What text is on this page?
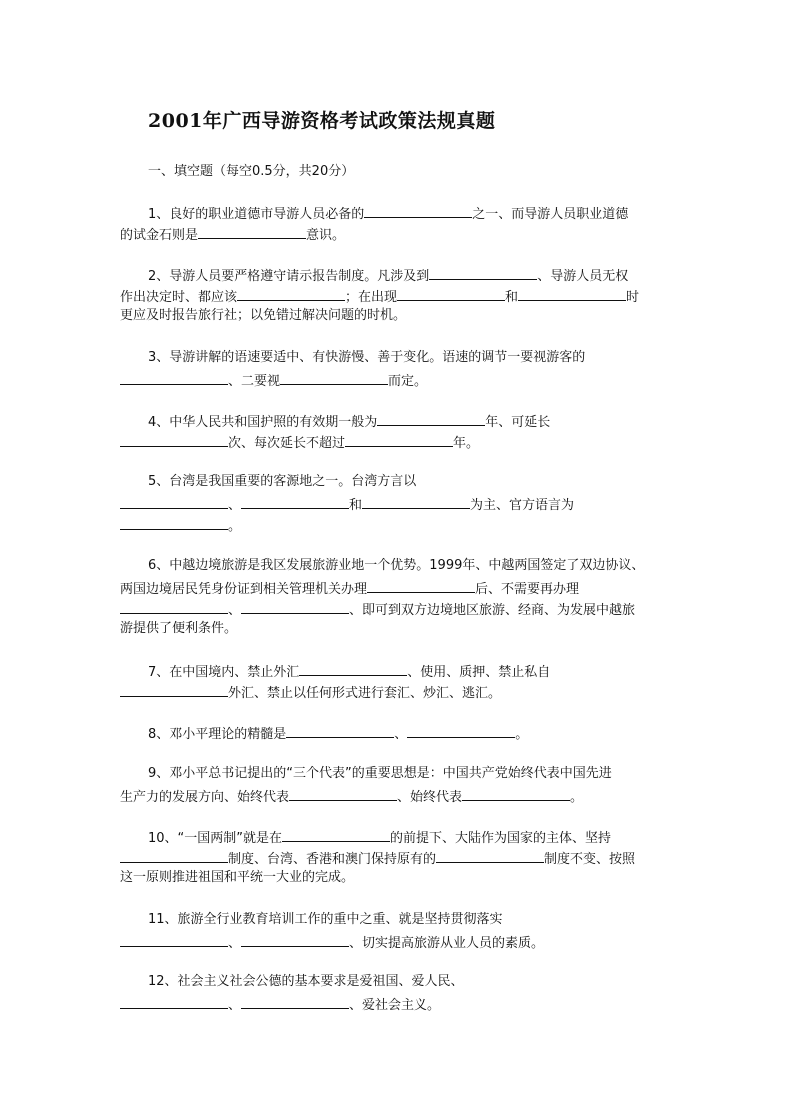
2001年广西导游资格考试政策法规真题
一、填空题（每空0.5分，共20分）
1、良好的职业道德市导游人员必备的	之一、而导游人员职业道德
的试金石则是	意识。
2、导游人员要严格遵守请示报告制度。凡涉及到	、导游人员无权
作出决定时、都应该	；在出现	和	时
更应及时报告旅行社；以免错过解决问题的时机。
3、导游讲解的语速要适中、有快游慢、善于变化。语速的调节一要视游客的
、二要视	而定。
4、中华人民共和国护照的有效期一般为	年、可延长
次、每次延长不超过	年。
5、台湾是我国重要的客源地之一。台湾方言以
、	和	为主、官方语言为
。
6、中越边境旅游是我区发展旅游业地一个优势。1999年、中越两国签定了双边协议、
两国边境居民凭身份证到相关管理机关办理	后、不需要再办理
、	、即可到双方边境地区旅游、经商、为发展中越旅
游提供了便利条件。
7、在中国境内、禁止外汇	、使用、质押、禁止私自
外汇、禁止以任何形式进行套汇、炒汇、逃汇。
8、邓小平理论的精髓是	、	。
9、邓小平总书记提出的“三个代表”的重要思想是：中国共产党始终代表中国先进
生产力的发展方向、始终代表	、始终代表	。
10、“一国两制”就是在	的前提下、大陆作为国家的主体、坚持
制度、台湾、香港和澳门保持原有的	制度不变、按照
这一原则推进祖国和平统一大业的完成。
11、旅游全行业教育培训工作的重中之重、就是坚持贯彻落实
、	、切实提高旅游从业人员的素质。
12、社会主义社会公德的基本要求是爱祖国、爱人民、
、	、爱社会主义。
